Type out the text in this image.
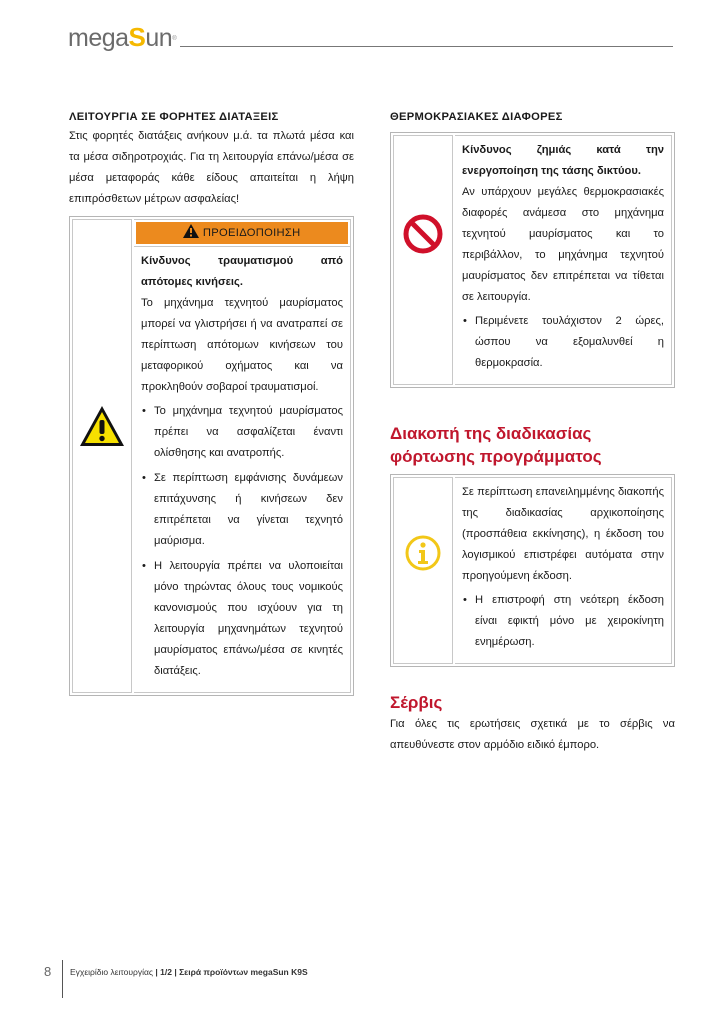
megaSun®
ΛΕΙΤΟΥΡΓΙΑ ΣΕ ΦΟΡΗΤΕΣ ΔΙΑΤΑΞΕΙΣ
Στις φορητές διατάξεις ανήκουν μ.ά. τα πλωτά μέσα και τα μέσα σιδηροτροχιάς. Για τη λειτουργία επάνω/μέσα σε μέσα μεταφοράς κάθε είδους απαιτείται η λήψη επιπρόσθετων μέτρων ασφαλείας!
ΠΡΟΕΙΔΟΠΟΙΗΣΗ
Κίνδυνος τραυματισμού από απότομες κινήσεις.
Το μηχάνημα τεχνητού μαυρίσματος μπορεί να γλιστρήσει ή να ανατραπεί σε περίπτωση απότομων κινήσεων του μεταφορικού οχήματος και να προκληθούν σοβαροί τραυματισμοί.
• Το μηχάνημα τεχνητού μαυρίσματος πρέπει να ασφαλίζεται έναντι ολίσθησης και ανατροπής.
• Σε περίπτωση εμφάνισης δυνάμεων επιτάχυνσης ή κινήσεων δεν επιτρέπεται να γίνεται τεχνητό μαύρισμα.
• Η λειτουργία πρέπει να υλοποιείται μόνο τηρώντας όλους τους νομικούς κανονισμούς που ισχύουν για τη λειτουργία μηχανημάτων τεχνητού μαυρίσματος επάνω/μέσα σε κινητές διατάξεις.
ΘΕΡΜΟΚΡΑΣΙΑΚΕΣ ΔΙΑΦΟΡΕΣ
Κίνδυνος ζημιάς κατά την ενεργοποίηση της τάσης δικτύου.
Αν υπάρχουν μεγάλες θερμοκρασιακές διαφορές ανάμεσα στο μηχάνημα τεχνητού μαυρίσματος και το περιβάλλον, το μηχάνημα τεχνητού μαυρίσματος δεν επιτρέπεται να τίθεται σε λειτουργία.
• Περιμένετε τουλάχιστον 2 ώρες, ώσπου να εξομαλυνθεί η θερμοκρασία.
Διακοπή της διαδικασίας φόρτωσης προγράμματος
Σε περίπτωση επανειλημμένης διακοπής της διαδικασίας αρχικοποίησης (προσπάθεια εκκίνησης), η έκδοση του λογισμικού επιστρέφει αυτόματα στην προηγούμενη έκδοση.
• Η επιστροφή στη νεότερη έκδοση είναι εφικτή μόνο με χειροκίνητη ενημέρωση.
Σέρβις
Για όλες τις ερωτήσεις σχετικά με το σέρβις να απευθύνεστε στον αρμόδιο ειδικό έμπορο.
8 Εγχειρίδιο λειτουργίας | 1/2 | Σειρά προϊόντων megaSun K9S
